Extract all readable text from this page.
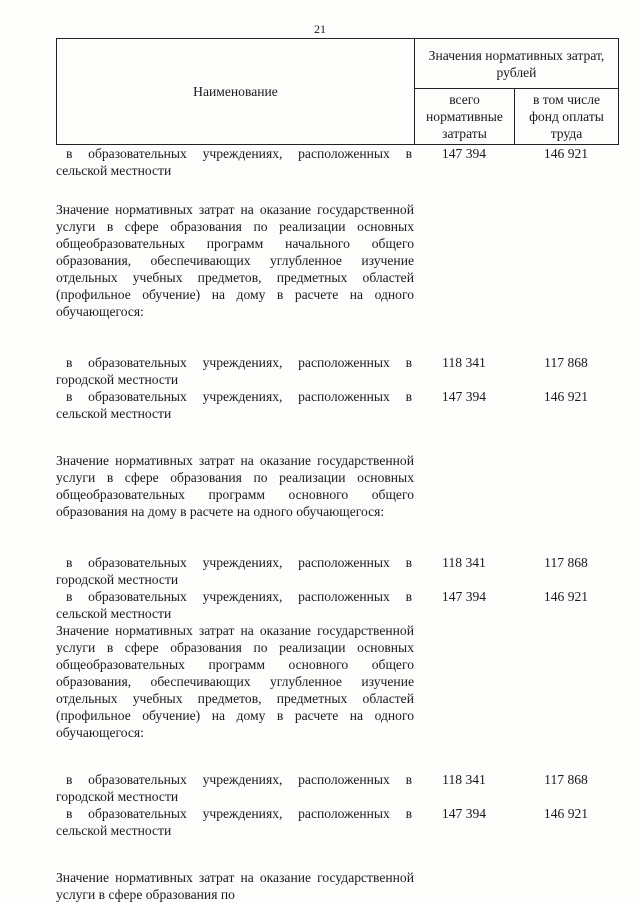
21
Наименование	Значения нормативных затрат, рублей	
	всего нормативные затраты	в том числе фонд оплаты труда
в образовательных учреждениях, расположенных в сельской местности
147 394	146 921
Значение нормативных затрат на оказание государственной услуги в сфере образования по реализации основных общеобразовательных программ начального общего образования, обеспечивающих углубленное изучение отдельных учебных предметов, предметных областей (профильное обучение) на дому в расчете на одного обучающегося:
в образовательных учреждениях, расположенных в городской местности
118 341	117 868
в образовательных учреждениях, расположенных в сельской местности
147 394	146 921
Значение нормативных затрат на оказание государственной услуги в сфере образования по реализации основных общеобразовательных программ основного общего образования на дому в расчете на одного обучающегося:
в образовательных учреждениях, расположенных в городской местности
118 341	117 868
в образовательных учреждениях, расположенных в сельской местности
147 394	146 921
Значение нормативных затрат на оказание государственной услуги в сфере образования по реализации основных общеобразовательных программ основного общего образования, обеспечивающих углубленное изучение отдельных учебных предметов, предметных областей (профильное обучение) на дому в расчете на одного обучающегося:
в образовательных учреждениях, расположенных в городской местности
118 341	117 868
в образовательных учреждениях, расположенных в сельской местности
147 394	146 921
Значение нормативных затрат на оказание государственной услуги в сфере образования по
